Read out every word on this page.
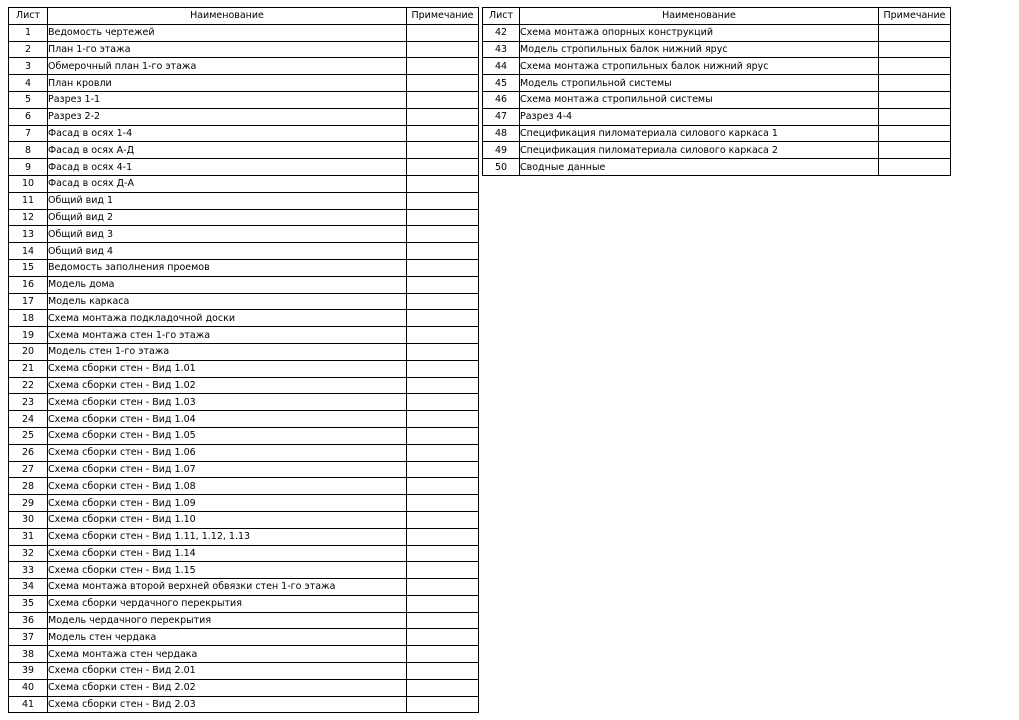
Лист	Наименование	Примечание
1	Ведомость чертежей	
2	План 1-го этажа	
3	Обмерочный план 1-го этажа	
4	План кровли	
5	Разрез 1-1	
6	Разрез 2-2	
7	Фасад в осях 1-4	
8	Фасад в осях А-Д	
9	Фасад в осях 4-1	
10	Фасад в осях Д-А	
11	Общий вид 1	
12	Общий вид 2	
13	Общий вид 3	
14	Общий вид 4	
15	Ведомость заполнения проемов	
16	Модель дома	
17	Модель каркаса	
18	Схема монтажа подкладочной доски	
19	Схема монтажа стен 1-го этажа	
20	Модель стен 1-го этажа	
21	Схема сборки стен - Вид 1.01	
22	Схема сборки стен - Вид 1.02	
23	Схема сборки стен - Вид 1.03	
24	Схема сборки стен - Вид 1.04	
25	Схема сборки стен - Вид 1.05	
26	Схема сборки стен - Вид 1.06	
27	Схема сборки стен - Вид 1.07	
28	Схема сборки стен - Вид 1.08	
29	Схема сборки стен - Вид 1.09	
30	Схема сборки стен - Вид 1.10	
31	Схема сборки стен - Вид 1.11, 1.12, 1.13	
32	Схема сборки стен - Вид 1.14	
33	Схема сборки стен - Вид 1.15	
34	Схема монтажа второй верхней обвязки стен 1-го этажа	
35	Схема сборки чердачного перекрытия	
36	Модель чердачного перекрытия	
37	Модель стен чердака	
38	Схема монтажа стен чердака	
39	Схема сборки стен - Вид 2.01	
40	Схема сборки стен - Вид 2.02	
41	Схема сборки стен - Вид 2.03	
Лист	Наименование	Примечание
42	Схема монтажа опорных конструкций	
43	Модель стропильных балок нижний ярус	
44	Схема монтажа стропильных балок нижний ярус	
45	Модель стропильной системы	
46	Схема монтажа стропильной системы	
47	Разрез 4-4	
48	Спецификация пиломатериала силового каркаса 1	
49	Спецификация пиломатериала силового каркаса 2	
50	Сводные данные	
